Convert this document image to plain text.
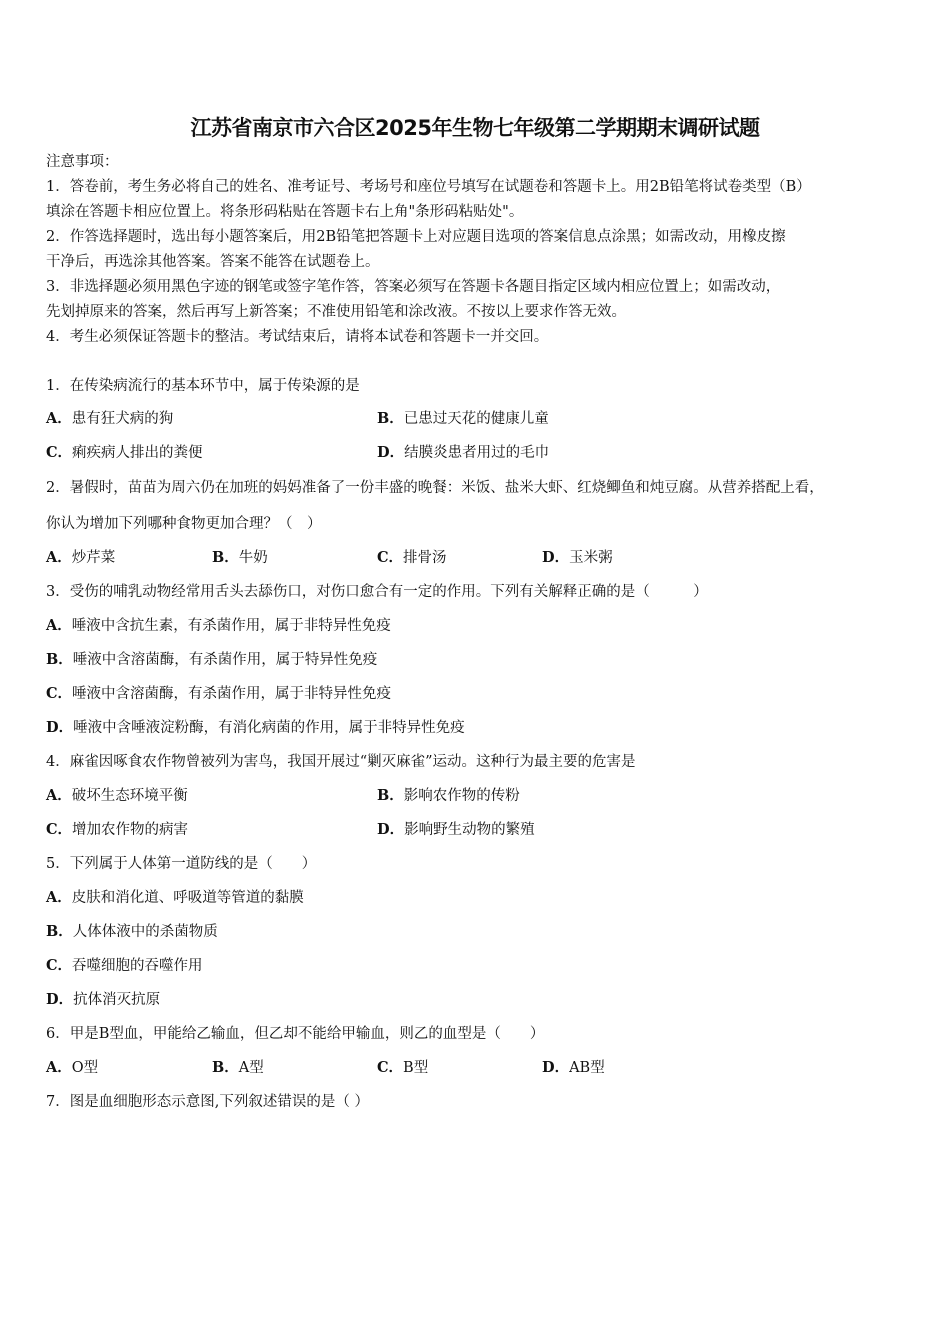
江苏省南京市六合区2025年生物七年级第二学期期末调研试题
注意事项：
1．答卷前，考生务必将自己的姓名、准考证号、考场号和座位号填写在试题卷和答题卡上。用2B铅笔将试卷类型（B）
填涂在答题卡相应位置上。将条形码粘贴在答题卡右上角"条形码粘贴处"。
2．作答选择题时，选出每小题答案后，用2B铅笔把答题卡上对应题目选项的答案信息点涂黑；如需改动，用橡皮擦
干净后，再选涂其他答案。答案不能答在试题卷上。
3．非选择题必须用黑色字迹的钢笔或签字笔作答，答案必须写在答题卡各题目指定区域内相应位置上；如需改动，
先划掉原来的答案，然后再写上新答案；不准使用铅笔和涂改液。不按以上要求作答无效。
4．考生必须保证答题卡的整洁。考试结束后，请将本试卷和答题卡一并交回。
1．在传染病流行的基本环节中，属于传染源的是
A．患有狂犬病的狗	B．已患过天花的健康儿童
C．痢疾病人排出的粪便	D．结膜炎患者用过的毛巾
2．暑假时，苗苗为周六仍在加班的妈妈准备了一份丰盛的晚餐：米饭、盐米大虾、红烧鲫鱼和炖豆腐。从营养搭配上看，
你认为增加下列哪种食物更加合理？（　）
A．炒芹菜	B．牛奶	C．排骨汤	D．玉米粥
3．受伤的哺乳动物经常用舌头去舔伤口，对伤口愈合有一定的作用。下列有关解释正确的是（　　　）
A．唾液中含抗生素，有杀菌作用，属于非特异性免疫
B．唾液中含溶菌酶，有杀菌作用，属于特异性免疫
C．唾液中含溶菌酶，有杀菌作用，属于非特异性免疫
D．唾液中含唾液淀粉酶，有消化病菌的作用，属于非特异性免疫
4．麻雀因啄食农作物曾被列为害鸟，我国开展过“剿灭麻雀”运动。这种行为最主要的危害是
A．破坏生态环境平衡	B．影响农作物的传粉
C．增加农作物的病害	D．影响野生动物的繁殖
5．下列属于人体第一道防线的是（　　）
A．皮肤和消化道、呼吸道等管道的黏膜
B．人体体液中的杀菌物质
C．吞噬细胞的吞噬作用
D．抗体消灭抗原
6．甲是B型血，甲能给乙输血，但乙却不能给甲输血，则乙的血型是（　　）
A．O型	B．A型	C．B型	D．AB型
7．图是血细胞形态示意图,下列叙述错误的是（ ）
